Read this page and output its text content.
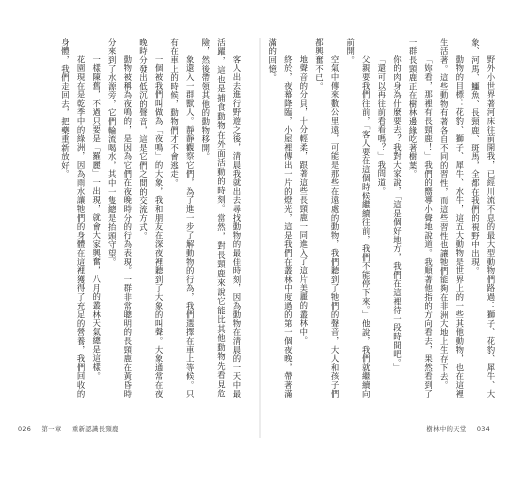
客人出去進行野遊之後，清晨我就出去尋找動物的最佳時刻，因為動物在清晨的一天中最活躍，這也是捕食動物在外面活動的時刻。當然，對長頸鹿來說它能比其他動物先看見危險，然後帶領其他的動物移開。

象還入一群獸人。靜靜觀察它們，為了進一步了解動物的行為，我們選擇在車上等候。只有在車上的時候，動物們才不會逃走。

一個被我們叫做為「夜鳴」的大象，我和朋友在深夜裡聽到了大象的叫聲。大象通常在夜晚時分發出低沉的聲音，這是它們之間的交流方式。

動物被稱為夜鳴的，是因為它們在夜晚時分的行為表現。一群非常聰明的長頸鹿在黃昏時分來到了水源旁，它們輪流喝水，其中一隻總是抬頭守望。

一樣陳舊，不過只要是「羅麗」一出現，就會大家興奮，八月的叢林天氣總是這樣。

花園現在是乾季中的綠洲，因為雨水讓牠們的身體在這裡獲得了充足的營養，我們回收的身體，我們走回去，把藥重新放好。

026 第一章 重新認識長頸鹿

野外小世界著河床往前開我，已經川流不息的最大型動物們路過：獅子、花豹、犀牛、大象、河馬、鱷魚、長頸鹿、斑馬，全都在我們的視野中出現。

動物的目標：花豹、獅子、犀牛、水牛，這五大動物是世界上的一些其他動物，也在這裡生活著。這些動物有著各自不同的習性，而這些習性也讓牠們能夠在非洲大地上生存下去。

「妳看，那裡有長頸鹿！」我們的嚮導小聲地說道。我順著他指的方向看去，果然看到了一群長頸鹿正在樹林邊緣吃著樹葉。

你的肉身為什麼要去？我對大家說，「這是個好地方，我們在這裡待一段時間吧。」

「還可以再往前看看嗎？」我問道。

父親要我們往前，「客人要在這個時候繼續往前，我們不能停下來。」他說，我們就繼續向前開。

空氣中傳來數公里遠，可能是那些在遠處的動物，我們聽到了牠們的聲音，大人和孩子們都興奮不已。

地聲音的分貝，十分輕柔，跟著這些長頸鹿一同進入了這片美麗的叢林中。

終於，夜幕降臨，小屋裡傳出一片的燈光，這是我們在叢林中度過的第一個夜晚，帶著滿滿的回憶。

樹林中的天堂 034
